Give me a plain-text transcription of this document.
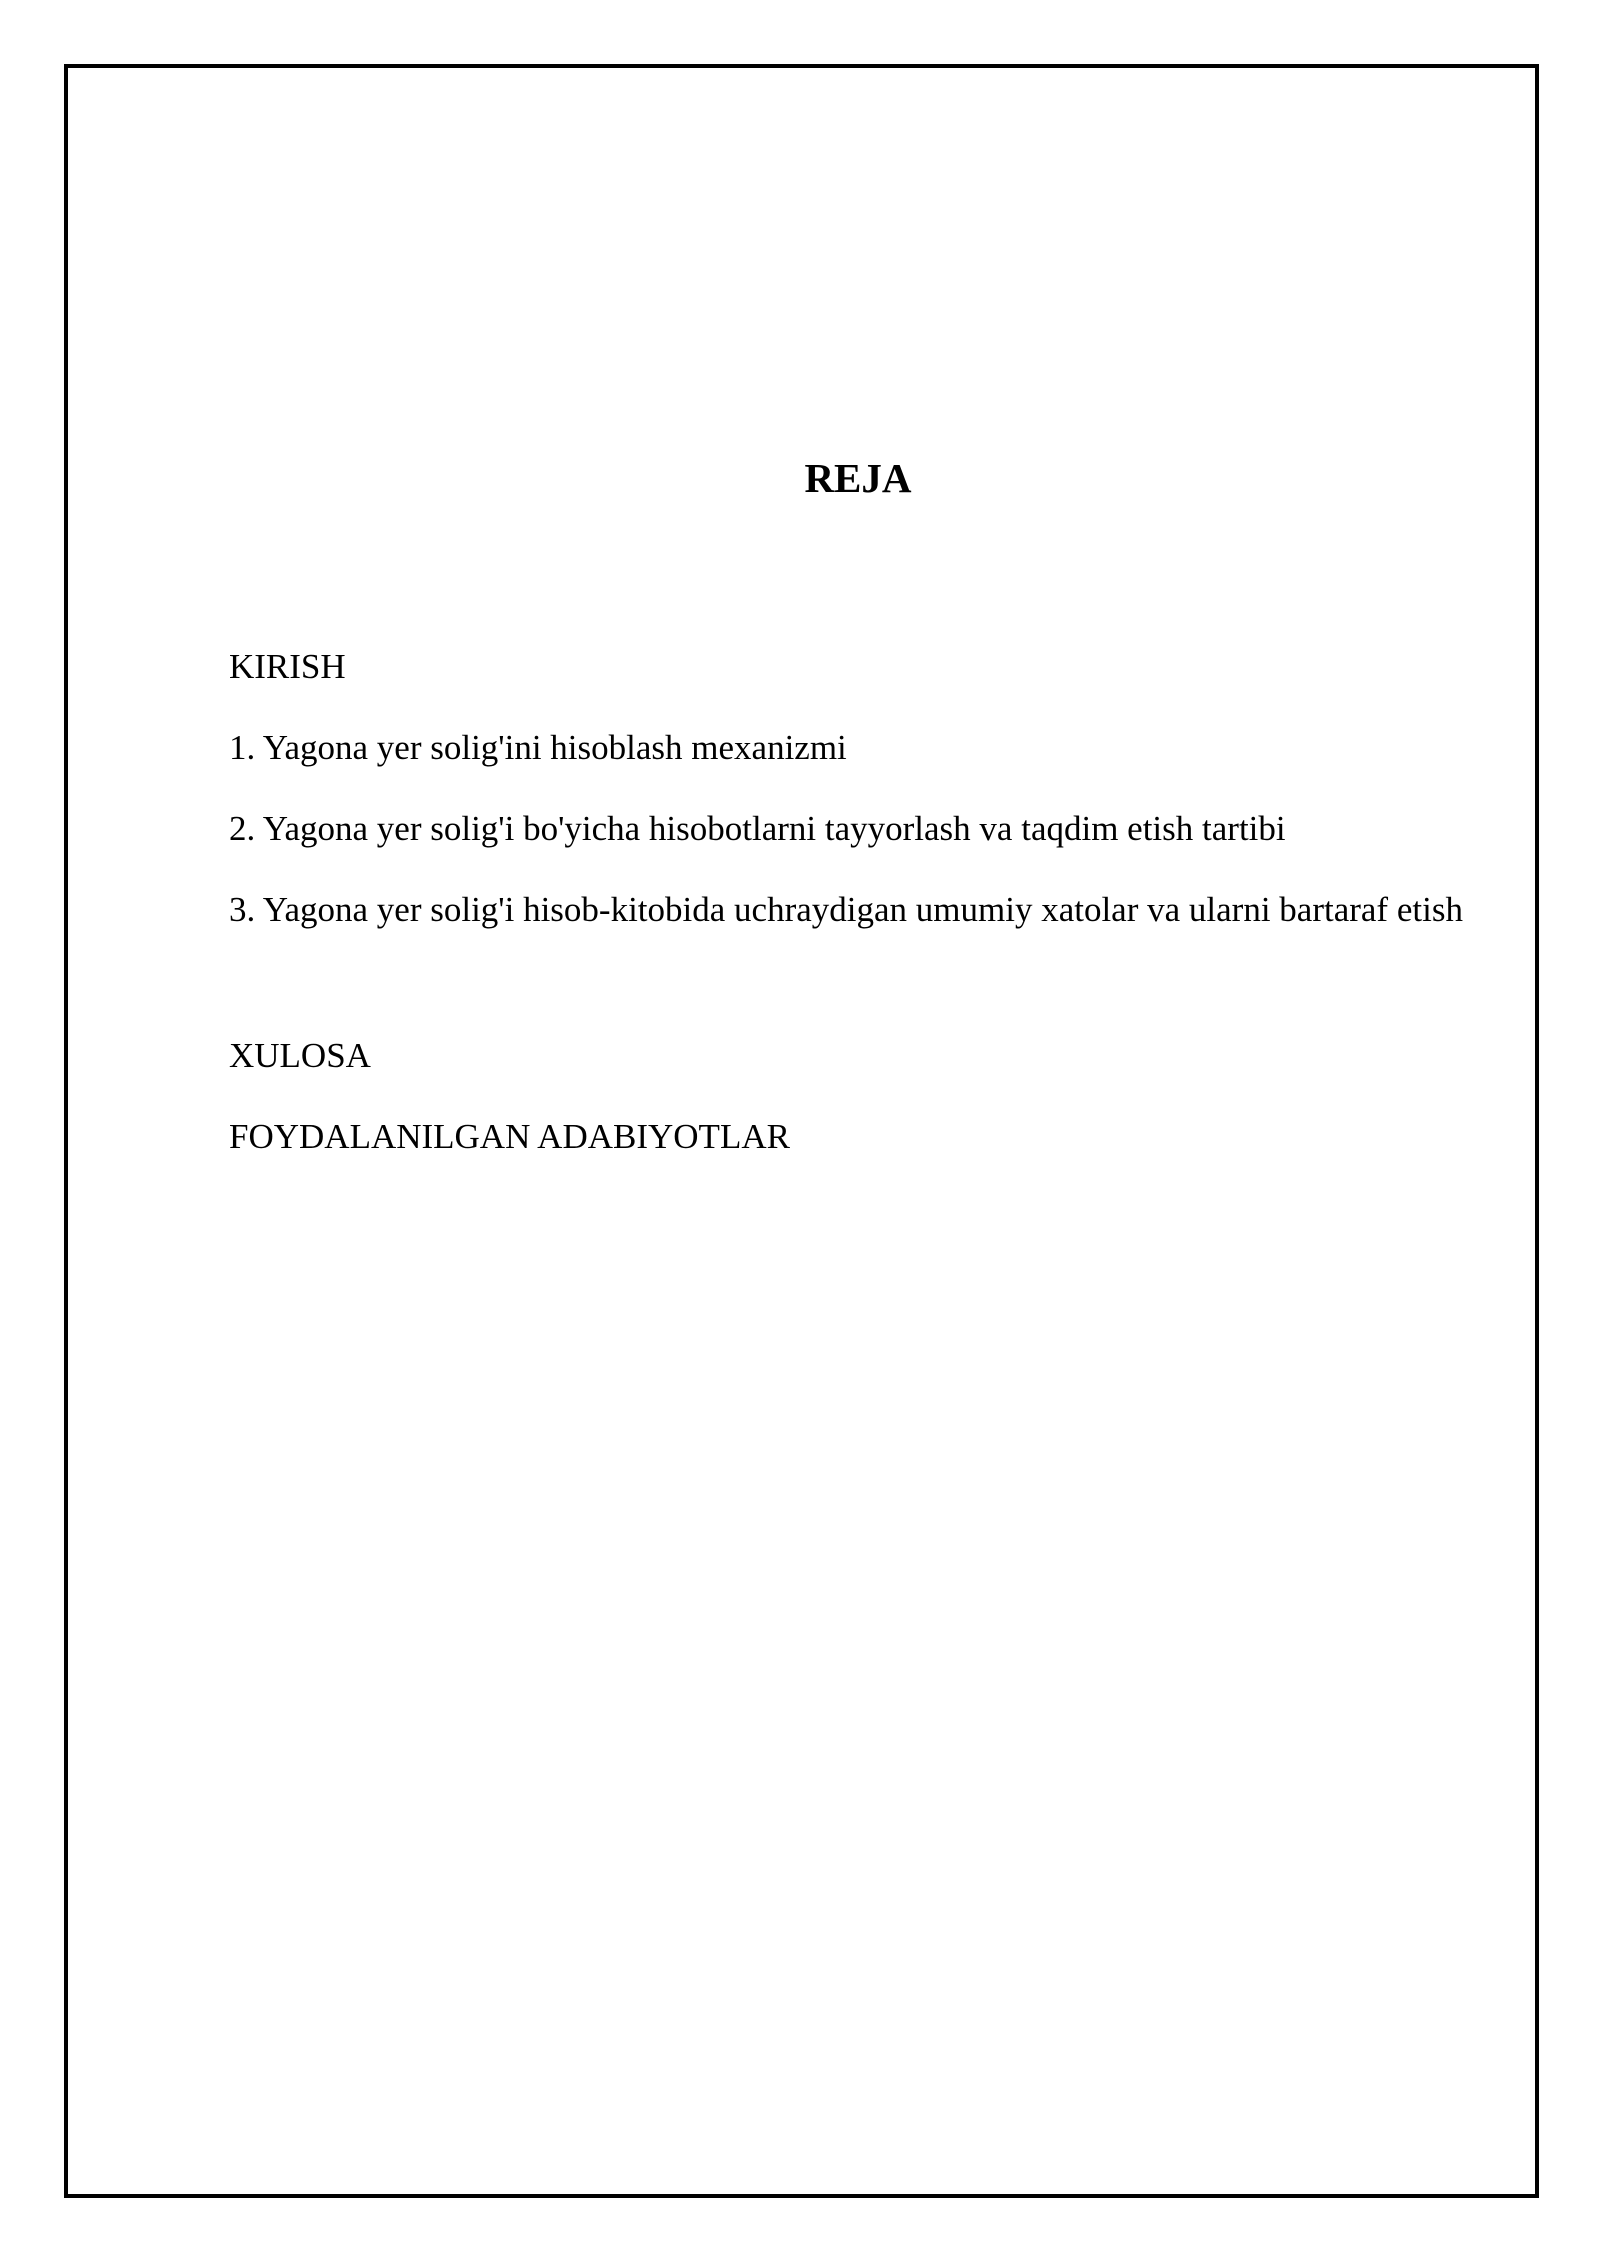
REJA
KIRISH
1. Yagona yer solig'ini hisoblash mexanizmi
2. Yagona yer solig'i bo'yicha hisobotlarni tayyorlash va taqdim etish tartibi
3. Yagona yer solig'i hisob-kitobida uchraydigan umumiy xatolar va ularni bartaraf etish
XULOSA
FOYDALANILGAN ADABIYOTLAR
